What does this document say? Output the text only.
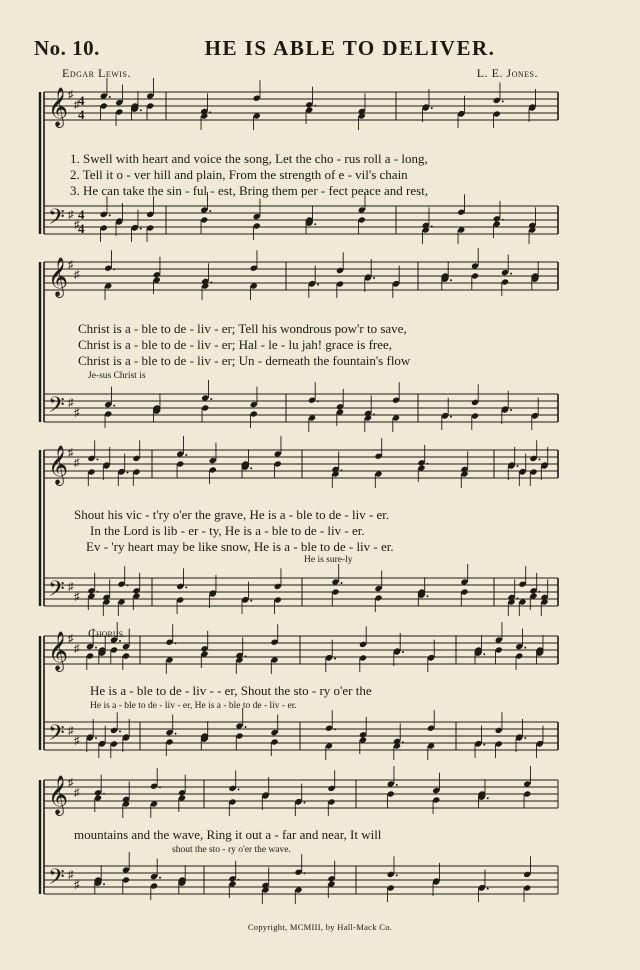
No. 10.	HE IS ABLE TO DELIVER.
Edgar Lewis.	L. E. Jones.
𝄞 ♯
♯
𝄢 ♯
♯
𝄞 ♯
♯
𝄢 ♯
♯
𝄞 ♯
♯
𝄢 ♯
♯
𝄞 ♯
♯
𝄢 ♯
♯
𝄞 ♯
♯
𝄢 ♯
♯
4
4
4
4
1. Swell with heart and voice the song, Let the cho - rus roll a - long,
2. Tell it o - ver hill and plain, From the strength of e - vil's chain
3. He can take the sin - ful - est, Bring them per - fect peace and rest,
Christ is a - ble to de - liv - er; Tell his wondrous pow'r to save,
Christ is a - ble to de - liv - er; Hal - le - lu jah! grace is free,
Christ is a - ble to de - liv - er; Un - derneath the fountain's flow
Je-sus Christ is
Shout his vic - t'ry o'er the grave, He is a - ble to de - liv - er.
In the Lord is lib - er - ty, He is a - ble to de - liv - er.
Ev - 'ry heart may be like snow, He is a - ble to de - liv - er.
He is sure-ly
Chorus.
He is a - ble to de - liv - - er, Shout the sto - ry o'er the
He is a - ble to de - liv - er, He is a - ble to de - liv - er.
mountains and the wave, Ring it out a - far and near, It will
shout the sto - ry o'er the wave.
Copyright, MCMIII, by Hall-Mack Co.
